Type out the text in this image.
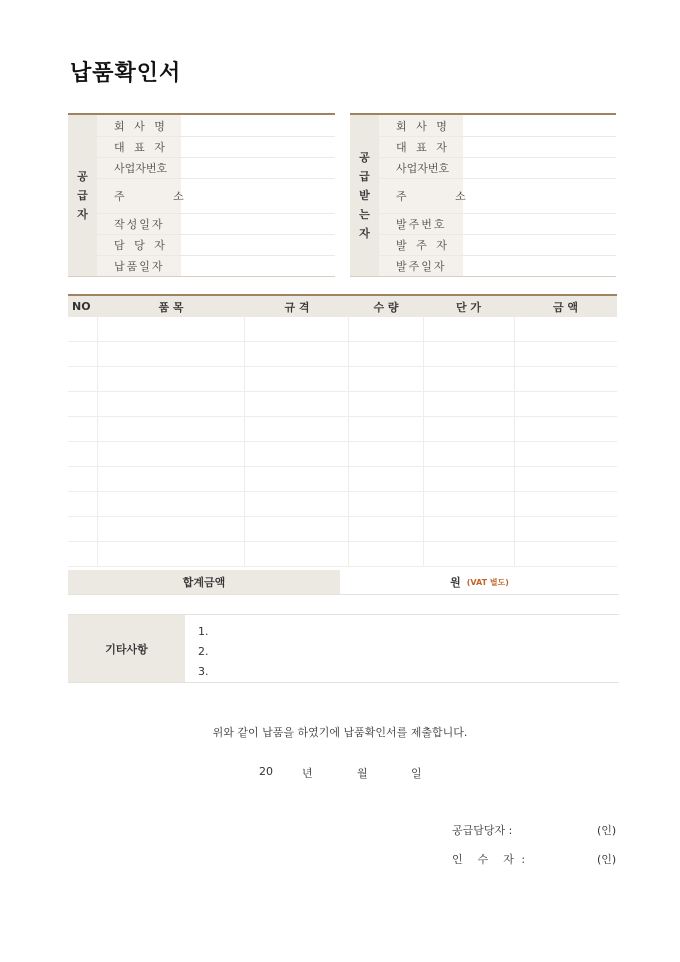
납품확인서
공
급
자
회 사 명
대 표 자
사업자번호
주       소
작성일자
담 당 자
납품일자
공
급
받
는
자
회 사 명
대 표 자
사업자번호
주       소
발주번호
발 주 자
발주일자
NO	품 목	규 격	수 량	단 가	금 액
합계금액	원 (VAT 별도)
기타사항
1.
2.
3.
위와 같이 납품을 하였기에 납품확인서를 제출합니다.
20	년	월	일
공급담당자 :	(인)
인  수  자 :	(인)
